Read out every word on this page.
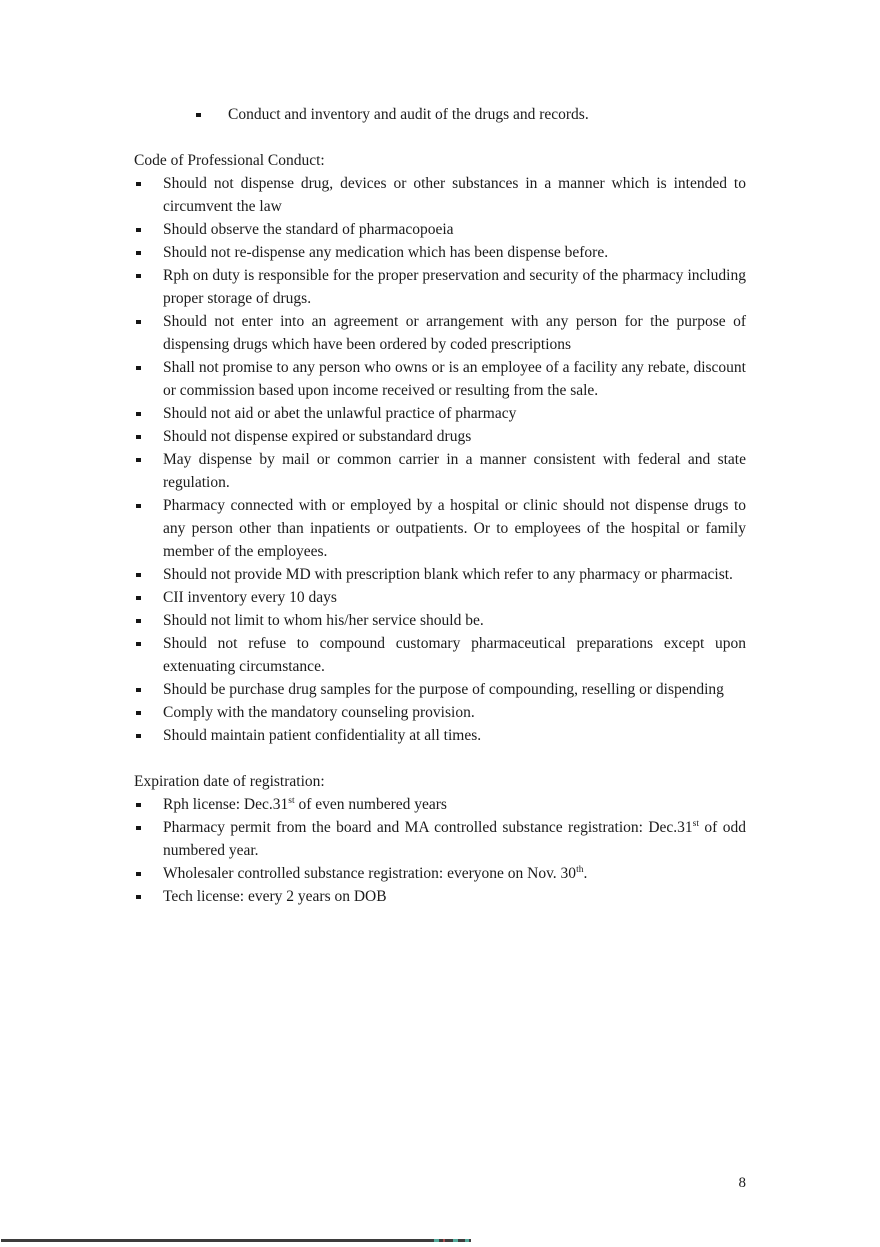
Conduct and inventory and audit of the drugs and records.
Code of Professional Conduct:
Should not dispense drug, devices or other substances in a manner which is intended to circumvent the law
Should observe the standard of pharmacopoeia
Should not re-dispense any medication which has been dispense before.
Rph on duty is responsible for the proper preservation and security of the pharmacy including proper storage of drugs.
Should not enter into an agreement or arrangement with any person for the purpose of dispensing drugs which have been ordered by coded prescriptions
Shall not promise to any person who owns or is an employee of a facility any rebate, discount or commission based upon income received or resulting from the sale.
Should not aid or abet the unlawful practice of pharmacy
Should not dispense expired or substandard drugs
May dispense by mail or common carrier in a manner consistent with federal and state regulation.
Pharmacy connected with or employed by a hospital or clinic should not dispense drugs to any person other than inpatients or outpatients. Or to employees of the hospital or family member of the employees.
Should not provide MD with prescription blank which refer to any pharmacy or pharmacist.
CII inventory every 10 days
Should not limit to whom his/her service should be.
Should not refuse to compound customary pharmaceutical preparations except upon extenuating circumstance.
Should be purchase drug samples for the purpose of compounding, reselling or dispending
Comply with the mandatory counseling provision.
Should maintain patient confidentiality at all times.
Expiration date of registration:
Rph license: Dec.31st of even numbered years
Pharmacy permit from the board and MA controlled substance registration: Dec.31st of odd numbered year.
Wholesaler controlled substance registration: everyone on Nov. 30th.
Tech license: every 2 years on DOB
8
